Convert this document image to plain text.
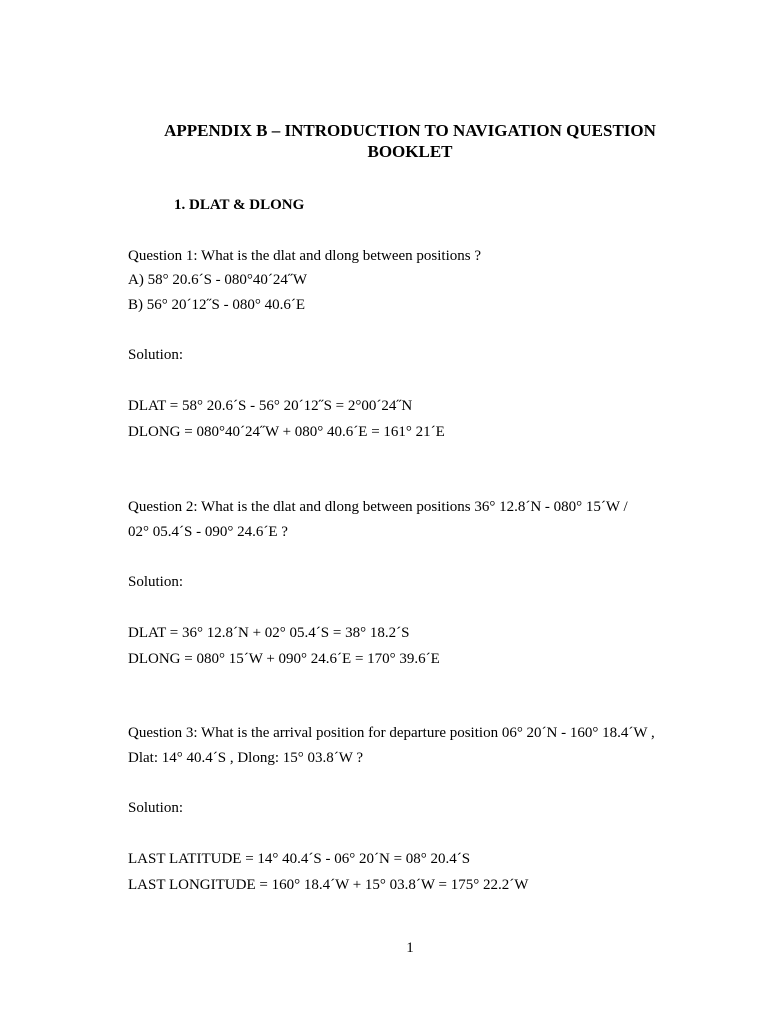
APPENDIX B – INTRODUCTION TO NAVIGATION QUESTION
BOOKLET
1. DLAT & DLONG

Question 1: What is the dlat and dlong between positions ?

A) 58° 20.6ˊS - 080°40ˊ24˝W

B) 56° 20ˊ12˝S - 080° 40.6ˊE

Solution:

DLAT = 58° 20.6ˊS - 56° 20ˊ12˝S = 2°00ˊ24˝N

DLONG = 080°40ˊ24˝W + 080° 40.6ˊE = 161° 21ˊE

Question 2: What is the dlat and dlong between positions 36° 12.8ˊN - 080° 15ˊW /

02° 05.4ˊS - 090° 24.6ˊE ?

Solution:

DLAT = 36° 12.8ˊN + 02° 05.4ˊS = 38° 18.2ˊS

DLONG = 080° 15ˊW + 090° 24.6ˊE = 170° 39.6ˊE

Question 3: What is the arrival position for departure position 06° 20ˊN - 160° 18.4ˊW ,

Dlat: 14° 40.4ˊS , Dlong: 15° 03.8ˊW ?

Solution:

LAST LATITUDE = 14° 40.4ˊS - 06° 20ˊN = 08° 20.4ˊS

LAST LONGITUDE = 160° 18.4ˊW + 15° 03.8ˊW = 175° 22.2ˊW

1
